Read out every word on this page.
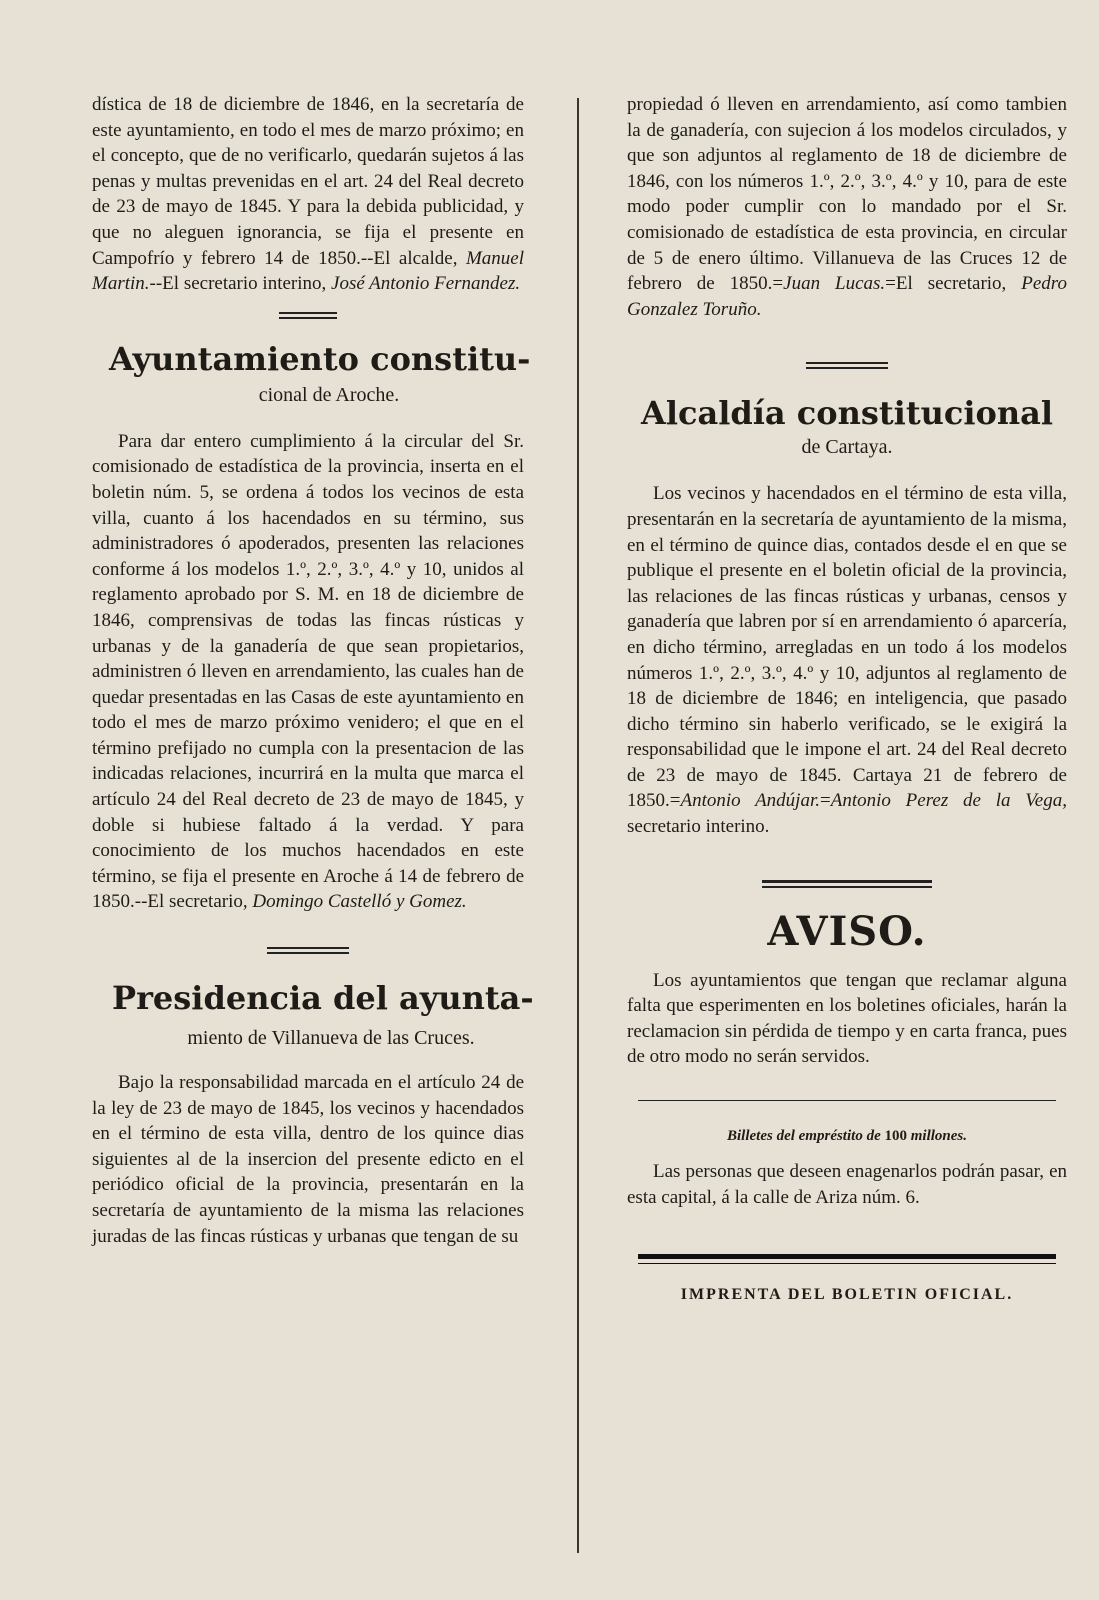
dística de 18 de diciembre de 1846, en la secretaría de este ayuntamiento, en todo el mes de marzo próximo; en el concepto, que de no verificarlo, quedarán sujetos á las penas y multas prevenidas en el art. 24 del Real decreto de 23 de mayo de 1845. Y para la debida publicidad, y que no aleguen ignorancia, se fija el presente en Campofrío y febrero 14 de 1850.--El alcalde, Manuel Martin.--El secretario interino, José Antonio Fernandez.

Ayuntamiento constitu-

cional de Aroche.

Para dar entero cumplimiento á la circular del Sr. comisionado de estadística de la provincia, inserta en el boletin núm. 5, se ordena á todos los vecinos de esta villa, cuanto á los hacendados en su término, sus administradores ó apoderados, presenten las relaciones conforme á los modelos 1.º, 2.º, 3.º, 4.º y 10, unidos al reglamento aprobado por S. M. en 18 de diciembre de 1846, comprensivas de todas las fincas rústicas y urbanas y de la ganadería de que sean propietarios, administren ó lleven en arrendamiento, las cuales han de quedar presentadas en las Casas de este ayuntamiento en todo el mes de marzo próximo venidero; el que en el término prefijado no cumpla con la presentacion de las indicadas relaciones, incurrirá en la multa que marca el artículo 24 del Real decreto de 23 de mayo de 1845, y doble si hubiese faltado á la verdad. Y para conocimiento de los muchos hacendados en este término, se fija el presente en Aroche á 14 de febrero de 1850.--El secretario, Domingo Castelló y Gomez.

Presidencia del ayunta-

miento de Villanueva de las Cruces.

Bajo la responsabilidad marcada en el artículo 24 de la ley de 23 de mayo de 1845, los vecinos y hacendados en el término de esta villa, dentro de los quince dias siguientes al de la insercion del presente edicto en el periódico oficial de la provincia, presentarán en la secretaría de ayuntamiento de la misma las relaciones juradas de las fincas rústicas y urbanas que tengan de su

propiedad ó lleven en arrendamiento, así como tambien la de ganadería, con sujecion á los modelos circulados, y que son adjuntos al reglamento de 18 de diciembre de 1846, con los números 1.º, 2.º, 3.º, 4.º y 10, para de este modo poder cumplir con lo mandado por el Sr. comisionado de estadística de esta provincia, en circular de 5 de enero último. Villanueva de las Cruces 12 de febrero de 1850.=Juan Lucas.=El secretario, Pedro Gonzalez Toruño.

Alcaldía constitucional

de Cartaya.

Los vecinos y hacendados en el término de esta villa, presentarán en la secretaría de ayuntamiento de la misma, en el término de quince dias, contados desde el en que se publique el presente en el boletin oficial de la provincia, las relaciones de las fincas rústicas y urbanas, censos y ganadería que labren por sí en arrendamiento ó aparcería, en dicho término, arregladas en un todo á los modelos números 1.º, 2.º, 3.º, 4.º y 10, adjuntos al reglamento de 18 de diciembre de 1846; en inteligencia, que pasado dicho término sin haberlo verificado, se le exigirá la responsabilidad que le impone el art. 24 del Real decreto de 23 de mayo de 1845. Cartaya 21 de febrero de 1850.=Antonio Andújar.=Antonio Perez de la Vega, secretario interino.

AVISO.

Los ayuntamientos que tengan que reclamar alguna falta que esperimenten en los boletines oficiales, harán la reclamacion sin pérdida de tiempo y en carta franca, pues de otro modo no serán servidos.

Billetes del empréstito de 100 millones.

Las personas que deseen enagenarlos podrán pasar, en esta capital, á la calle de Ariza núm. 6.

IMPRENTA DEL BOLETIN OFICIAL.
